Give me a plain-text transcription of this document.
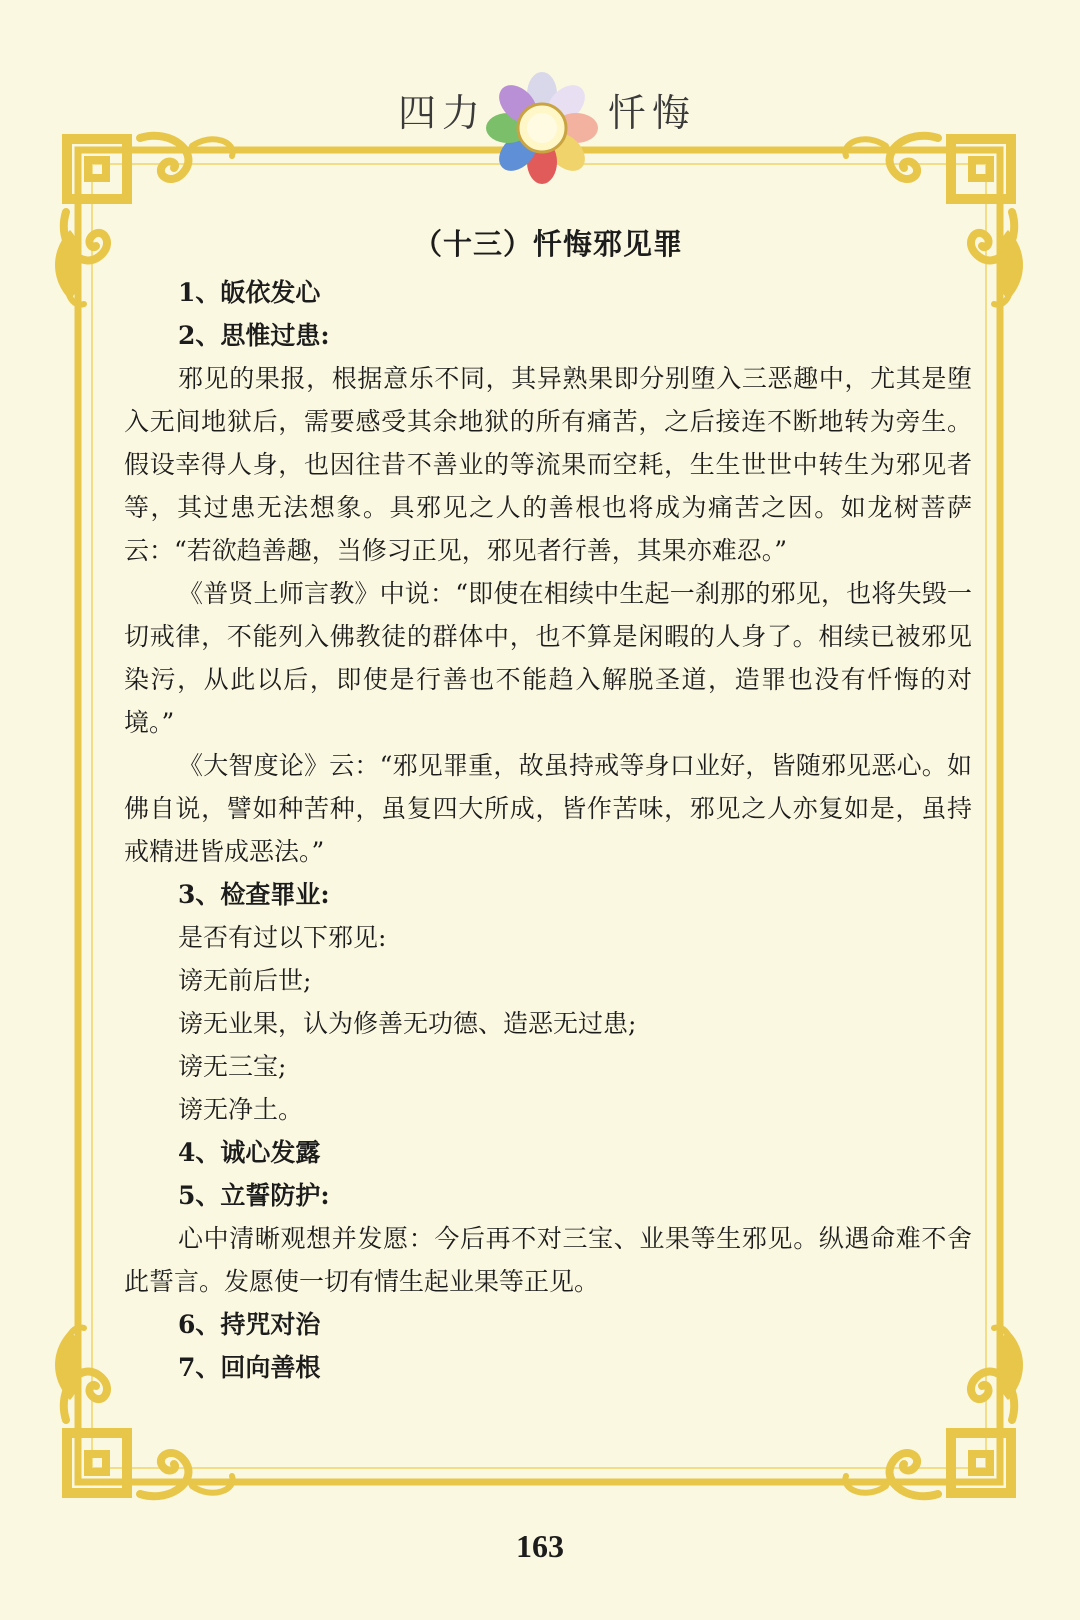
四力	忏悔

（十三）忏悔邪见罪

1、皈依发心

2、思惟过患:

邪见的果报，根据意乐不同，其异熟果即分别堕入三恶趣中，尤其是堕入无间地狱后，需要感受其余地狱的所有痛苦，之后接连不断地转为旁生。假设幸得人身，也因往昔不善业的等流果而空耗，生生世世中转生为邪见者等，其过患无法想象。具邪见之人的善根也将成为痛苦之因。如龙树菩萨云：“若欲趋善趣，当修习正见，邪见者行善，其果亦难忍。”

《普贤上师言教》中说：“即使在相续中生起一刹那的邪见，也将失毁一切戒律，不能列入佛教徒的群体中，也不算是闲暇的人身了。相续已被邪见染污，从此以后，即使是行善也不能趋入解脱圣道，造罪也没有忏悔的对境。”

《大智度论》云：“邪见罪重，故虽持戒等身口业好，皆随邪见恶心。如佛自说，譬如种苦种，虽复四大所成，皆作苦味，邪见之人亦复如是，虽持戒精进皆成恶法。”

3、检查罪业:

是否有过以下邪见:

谤无前后世;

谤无业果，认为修善无功德、造恶无过患;

谤无三宝;

谤无净土。

4、诚心发露

5、立誓防护:

心中清晰观想并发愿：今后再不对三宝、业果等生邪见。纵遇命难不舍此誓言。发愿使一切有情生起业果等正见。

6、持咒对治

7、回向善根

163
